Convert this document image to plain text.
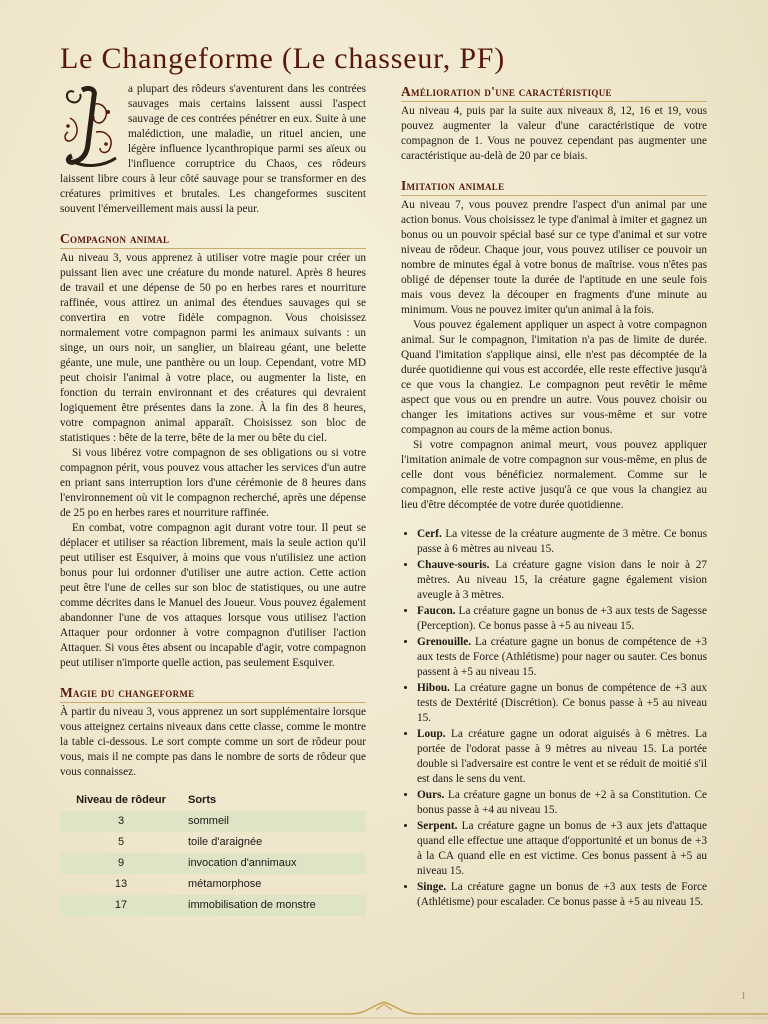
Le Changeforme (Le chasseur, PF)

a plupart des rôdeurs s'aventurent dans les contrées sauvages mais certains laissent aussi l'aspect sauvage de ces contrées pénétrer en eux. Suite à une malédiction, une maladie, un rituel ancien, une légère influence lycanthropique parmi ses aïeux ou l'influence corruptrice du Chaos, ces rôdeurs laissent libre cours à leur côté sauvage pour se transformer en des créatures primitives et brutales. Les changeformes suscitent souvent l'émerveillement mais aussi la peur.

Compagnon animal

Au niveau 3, vous apprenez à utiliser votre magie pour créer un puissant lien avec une créature du monde naturel. Après 8 heures de travail et une dépense de 50 po en herbes rares et nourriture raffinée, vous attirez un animal des étendues sauvages qui se convertira en votre fidèle compagnon. Vous choisissez normalement votre compagnon parmi les animaux suivants : un singe, un ours noir, un sanglier, un blaireau géant, une belette géante, une mule, une panthère ou un loup. Cependant, votre MD peut choisir l'animal à votre place, ou augmenter la liste, en fonction du terrain environnant et des créatures qui devraient logiquement être présentes dans la zone. À la fin des 8 heures, votre compagnon animal apparaît. Choisissez son bloc de statistiques : bête de la terre, bête de la mer ou bête du ciel.

Si vous libérez votre compagnon de ses obligations ou si votre compagnon périt, vous pouvez vous attacher les services d'un autre en priant sans interruption lors d'une cérémonie de 8 heures dans l'environnement où vit le compagnon recherché, après une dépense de 25 po en herbes rares et nourriture raffinée.

En combat, votre compagnon agit durant votre tour. Il peut se déplacer et utiliser sa réaction librement, mais la seule action qu'il peut utiliser est Esquiver, à moins que vous n'utilisiez une action bonus pour lui ordonner d'utiliser une autre action. Cette action peut être l'une de celles sur son bloc de statistiques, ou une autre comme décrites dans le Manuel des Joueur. Vous pouvez également abandonner l'une de vos attaques lorsque vous utilisez l'action Attaquer pour ordonner à votre compagnon d'utiliser l'action Attaquer. Si vous êtes absent ou incapable d'agir, votre compagnon peut utiliser n'importe quelle action, pas seulement Esquiver.

Magie du changeforme

À partir du niveau 3, vous apprenez un sort supplémentaire lorsque vous atteignez certains niveaux dans cette classe, comme le montre la table ci-dessous. Le sort compte comme un sort de rôdeur pour vous, mais il ne compte pas dans le nombre de sorts de rôdeur que vous connaissez.

Niveau de rôdeur	Sorts
3	sommeil
5	toile d'araignée
9	invocation d'annimaux
13	métamorphose
17	immobilisation de monstre
Amélioration d'une caractéristique

Au niveau 4, puis par la suite aux niveaux 8, 12, 16 et 19, vous pouvez augmenter la valeur d'une caractéristique de votre compagnon de 1. Vous ne pouvez cependant pas augmenter une caractéristique au-delà de 20 par ce biais.

Imitation animale

Au niveau 7, vous pouvez prendre l'aspect d'un animal par une action bonus. Vous choisissez le type d'animal à imiter et gagnez un bonus ou un pouvoir spécial basé sur ce type d'animal et sur votre niveau de rôdeur. Chaque jour, vous pouvez utiliser ce pouvoir un nombre de minutes égal à votre bonus de maîtrise. vous n'êtes pas obligé de dépenser toute la durée de l'aptitude en une seule fois mais vous devez la découper en fragments d'une minute au minimum. Vous ne pouvez imiter qu'un animal à la fois.

Vous pouvez également appliquer un aspect à votre compagnon animal. Sur le compagnon, l'imitation n'a pas de limite de durée. Quand l'imitation s'applique ainsi, elle n'est pas décomptée de la durée quotidienne qui vous est accordée, elle reste effective jusqu'à ce que vous la changiez. Le compagnon peut revêtir le même aspect que vous ou en prendre un autre. Vous pouvez choisir ou changer les imitations actives sur vous-même et sur votre compagnon au cours de la même action bonus.

Si votre compagnon animal meurt, vous pouvez appliquer l'imitation animale de votre compagnon sur vous-même, en plus de celle dont vous bénéficiez normalement. Comme sur le compagnon, elle reste active jusqu'à ce que vous la changiez au lieu d'être décomptée de votre durée quotidienne.

• Cerf. La vitesse de la créature augmente de 3 mètre. Ce bonus passe à 6 mètres au niveau 15.
• Chauve-souris. La créature gagne vision dans le noir à 27 mètres. Au niveau 15, la créature gagne également vision aveugle à 3 mètres.
• Faucon. La créature gagne un bonus de +3 aux tests de Sagesse (Perception). Ce bonus passe à +5 au niveau 15.
• Grenouille. La créature gagne un bonus de compétence de +3 aux tests de Force (Athlétisme) pour nager ou sauter. Ces bonus passent à +5 au niveau 15.
• Hibou. La créature gagne un bonus de compétence de +3 aux tests de Dextérité (Discrétion). Ce bonus passe à +5 au niveau 15.
• Loup. La créature gagne un odorat aiguisés à 6 mètres. La portée de l'odorat passe à 9 mètres au niveau 15. La portée double si l'adversaire est contre le vent et se réduit de moitié s'il est dans le sens du vent.
• Ours. La créature gagne un bonus de +2 à sa Constitution. Ce bonus passe à +4 au niveau 15.
• Serpent. La créature gagne un bonus de +3 aux jets d'attaque quand elle effectue une attaque d'opportunité et un bonus de +3 à la CA quand elle en est victime. Ces bonus passent à +5 au niveau 15.
• Singe. La créature gagne un bonus de +3 aux tests de Force (Athlétisme) pour escalader. Ce bonus passe à +5 au niveau 15.
1
